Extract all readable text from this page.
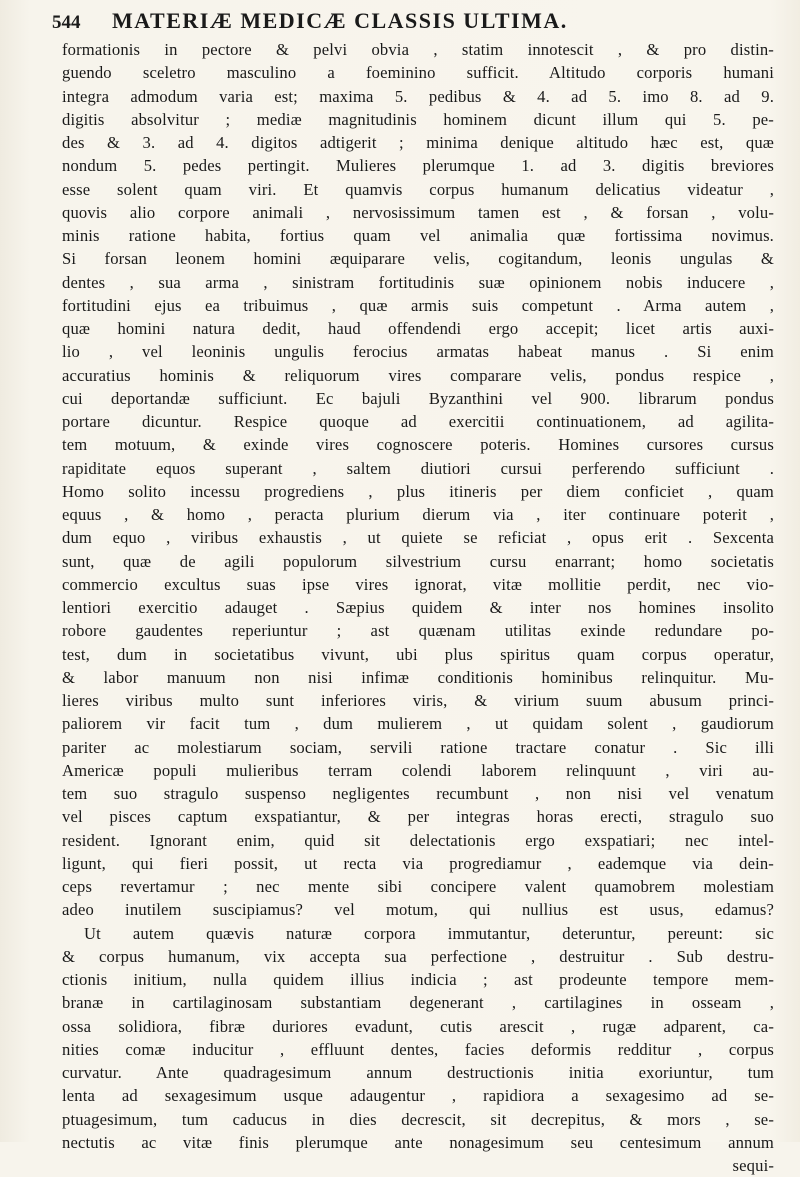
544	MATERIÆ MEDICÆ CLASSIS ULTIMA.
formationis in pectore & pelvi obvia , statim innotescit , & pro distin-
guendo sceletro masculino a foeminino sufficit. Altitudo corporis humani
integra admodum varia est; maxima 5. pedibus & 4. ad 5. imo 8. ad 9.
digitis absolvitur ; mediæ magnitudinis hominem dicunt illum qui 5. pe-
des & 3. ad 4. digitos adtigerit ; minima denique altitudo hæc est, quæ
nondum 5. pedes pertingit. Mulieres plerumque 1. ad 3. digitis breviores
esse solent quam viri. Et quamvis corpus humanum delicatius videatur ,
quovis alio corpore animali , nervosissimum tamen est , & forsan , volu-
minis ratione habita, fortius quam vel animalia quæ fortissima novimus.
Si forsan leonem homini æquiparare velis, cogitandum, leonis ungulas &
dentes , sua arma , sinistram fortitudinis suæ opinionem nobis inducere ,
fortitudini ejus ea tribuimus , quæ armis suis competunt . Arma autem ,
quæ homini natura dedit, haud offendendi ergo accepit; licet artis auxi-
lio , vel leoninis ungulis ferocius armatas habeat manus . Si enim
accuratius hominis & reliquorum vires comparare velis, pondus respice ,
cui deportandæ sufficiunt. Ec bajuli Byzanthini vel 900. librarum pondus
portare dicuntur. Respice quoque ad exercitii continuationem, ad agilita-
tem motuum, & exinde vires cognoscere poteris. Homines cursores cursus
rapiditate equos superant , saltem diutiori cursui perferendo sufficiunt .
Homo solito incessu progrediens , plus itineris per diem conficiet , quam
equus , & homo , peracta plurium dierum via , iter continuare poterit ,
dum equo , viribus exhaustis , ut quiete se reficiat , opus erit . Sexcenta
sunt, quæ de agili populorum silvestrium cursu enarrant; homo societatis
commercio excultus suas ipse vires ignorat, vitæ mollitie perdit, nec vio-
lentiori exercitio adauget . Sæpius quidem & inter nos homines insolito
robore gaudentes reperiuntur ; ast quænam utilitas exinde redundare po-
test, dum in societatibus vivunt, ubi plus spiritus quam corpus operatur,
& labor manuum non nisi infimæ conditionis hominibus relinquitur. Mu-
lieres viribus multo sunt inferiores viris, & virium suum abusum princi-
paliorem vir facit tum , dum mulierem , ut quidam solent , gaudiorum
pariter ac molestiarum sociam, servili ratione tractare conatur . Sic illi
Americæ populi mulieribus terram colendi laborem relinquunt , viri au-
tem suo stragulo suspenso negligentes recumbunt , non nisi vel venatum
vel pisces captum exspatiantur, & per integras horas erecti, stragulo suo
resident. Ignorant enim, quid sit delectationis ergo exspatiari; nec intel-
ligunt, qui fieri possit, ut recta via progrediamur , eademque via dein-
ceps revertamur ; nec mente sibi concipere valent quamobrem molestiam
adeo inutilem suscipiamus? vel motum, qui nullius est usus, edamus?
Ut autem quævis naturæ corpora immutantur, deteruntur, pereunt: sic
& corpus humanum, vix accepta sua perfectione , destruitur . Sub destru-
ctionis initium, nulla quidem illius indicia ; ast prodeunte tempore mem-
branæ in cartilaginosam substantiam degenerant , cartilagines in osseam ,
ossa solidiora, fibræ duriores evadunt, cutis arescit , rugæ adparent, ca-
nities comæ inducitur , effluunt dentes, facies deformis redditur , corpus
curvatur. Ante quadragesimum annum destructionis initia exoriuntur, tum
lenta ad sexagesimum usque adaugentur , rapidiora a sexagesimo ad se-
ptuagesimum, tum caducus in dies decrescit, sit decrepitus, & mors , se-
nectutis ac vitæ finis plerumque ante nonagesimum seu centesimum annum
sequi-
